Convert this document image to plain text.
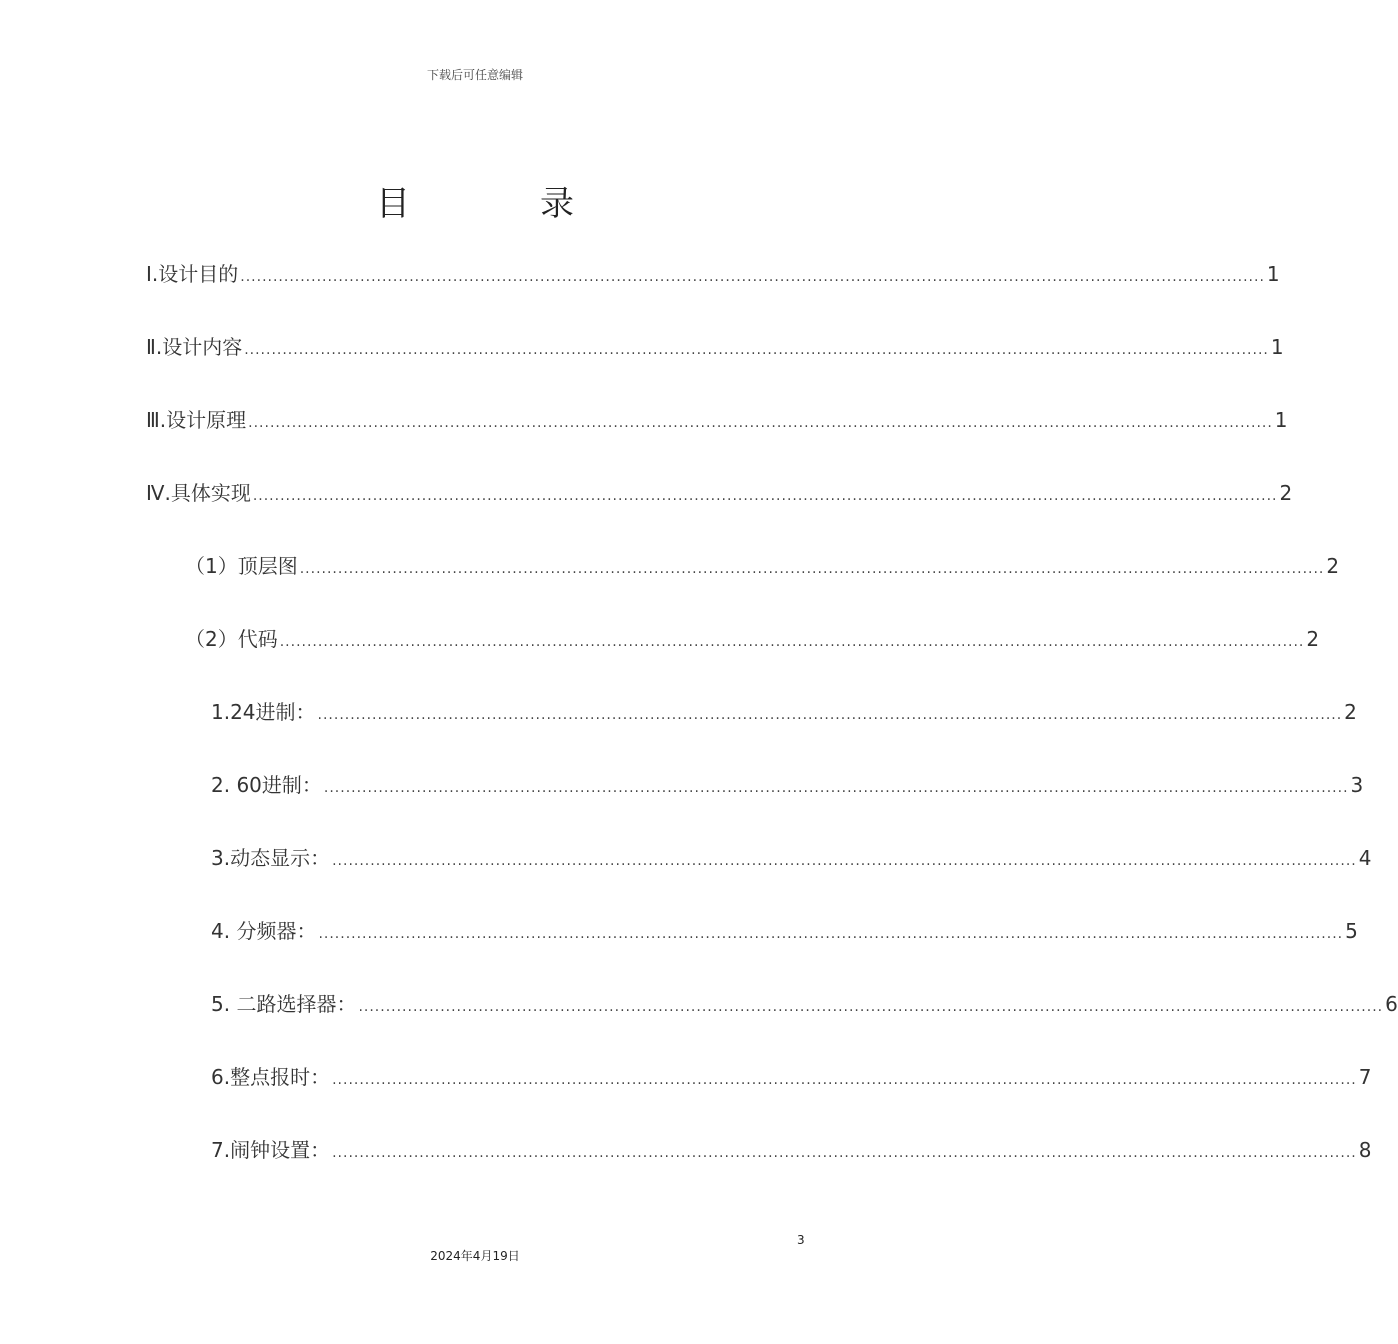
下载后可任意编辑
目	录
Ⅰ.设计目的 ............................................................................................................................................................................................ 1
Ⅱ.设计内容 ............................................................................................................................................................................................ 1
Ⅲ.设计原理 ............................................................................................................................................................................................ 1
Ⅳ.具体实现 ............................................................................................................................................................................................ 2
（1）顶层图 ............................................................................................................................................................................................ 2
（2）代码 ............................................................................................................................................................................................ 2
1.24进制： ............................................................................................................................................................................................ 2
2. 60进制： ............................................................................................................................................................................................ 3
3.动态显示： ............................................................................................................................................................................................ 4
4. 分频器： ............................................................................................................................................................................................ 5
5. 二路选择器： ............................................................................................................................................................................................ 6
6.整点报时： ............................................................................................................................................................................................ 7
7.闹钟设置： ............................................................................................................................................................................................ 8
3
2024年4月19日
